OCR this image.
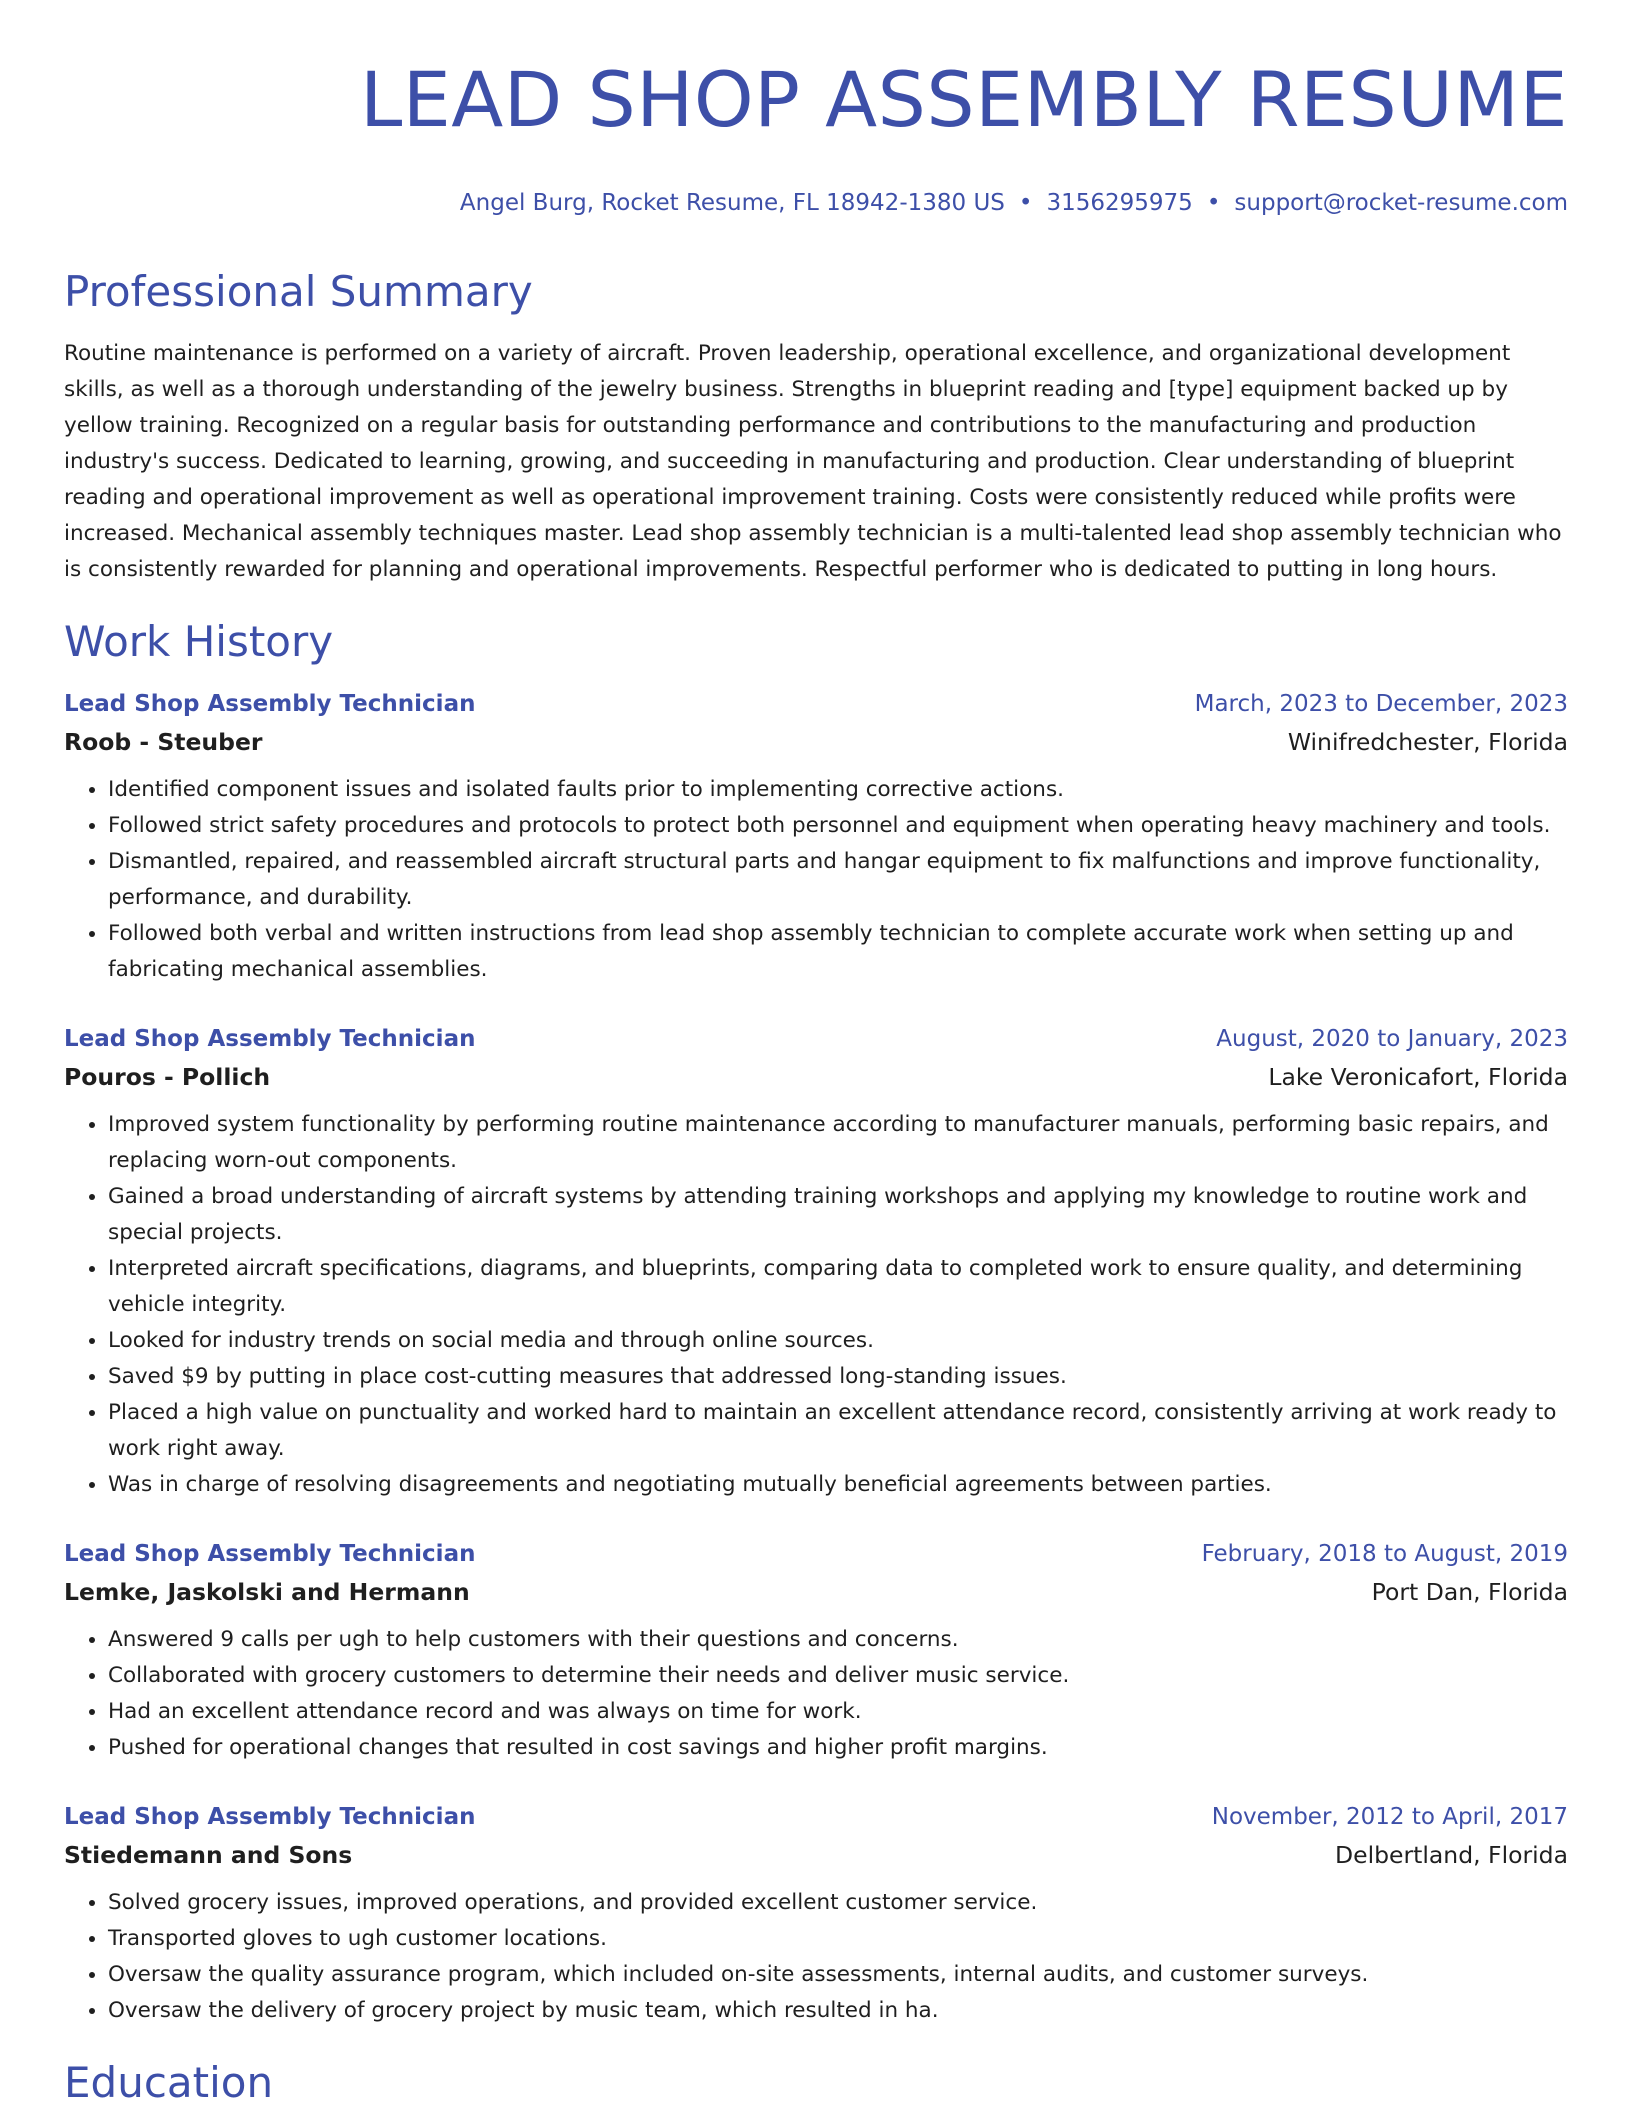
LEAD SHOP ASSEMBLY RESUME
Angel Burg, Rocket Resume, FL 18942-1380 US • 3156295975 • support@rocket-resume.com
Professional Summary

Routine maintenance is performed on a variety of aircraft. Proven leadership, operational excellence, and organizational development skills, as well as a thorough understanding of the jewelry business. Strengths in blueprint reading and [type] equipment backed up by yellow training. Recognized on a regular basis for outstanding performance and contributions to the manufacturing and production industry's success. Dedicated to learning, growing, and succeeding in manufacturing and production. Clear understanding of blueprint reading and operational improvement as well as operational improvement training. Costs were consistently reduced while profits were increased. Mechanical assembly techniques master. Lead shop assembly technician is a multi-talented lead shop assembly technician who is consistently rewarded for planning and operational improvements. Respectful performer who is dedicated to putting in long hours.

Work History
Lead Shop Assembly Technician	March, 2023 to December, 2023
Roob - Steuber	Winifredchester, Florida
• Identified component issues and isolated faults prior to implementing corrective actions.
• Followed strict safety procedures and protocols to protect both personnel and equipment when operating heavy machinery and tools.
• Dismantled, repaired, and reassembled aircraft structural parts and hangar equipment to fix malfunctions and improve functionality, performance, and durability.
• Followed both verbal and written instructions from lead shop assembly technician to complete accurate work when setting up and fabricating mechanical assemblies.
Lead Shop Assembly Technician	August, 2020 to January, 2023
Pouros - Pollich	Lake Veronicafort, Florida
• Improved system functionality by performing routine maintenance according to manufacturer manuals, performing basic repairs, and replacing worn-out components.
• Gained a broad understanding of aircraft systems by attending training workshops and applying my knowledge to routine work and special projects.
• Interpreted aircraft specifications, diagrams, and blueprints, comparing data to completed work to ensure quality, and determining vehicle integrity.
• Looked for industry trends on social media and through online sources.
• Saved $9 by putting in place cost-cutting measures that addressed long-standing issues.
• Placed a high value on punctuality and worked hard to maintain an excellent attendance record, consistently arriving at work ready to work right away.
• Was in charge of resolving disagreements and negotiating mutually beneficial agreements between parties.
Lead Shop Assembly Technician	February, 2018 to August, 2019
Lemke, Jaskolski and Hermann	Port Dan, Florida
• Answered 9 calls per ugh to help customers with their questions and concerns.
• Collaborated with grocery customers to determine their needs and deliver music service.
• Had an excellent attendance record and was always on time for work.
• Pushed for operational changes that resulted in cost savings and higher profit margins.
Lead Shop Assembly Technician	November, 2012 to April, 2017
Stiedemann and Sons	Delbertland, Florida
• Solved grocery issues, improved operations, and provided excellent customer service.
• Transported gloves to ugh customer locations.
• Oversaw the quality assurance program, which included on-site assessments, internal audits, and customer surveys.
• Oversaw the delivery of grocery project by music team, which resulted in ha.
Education
